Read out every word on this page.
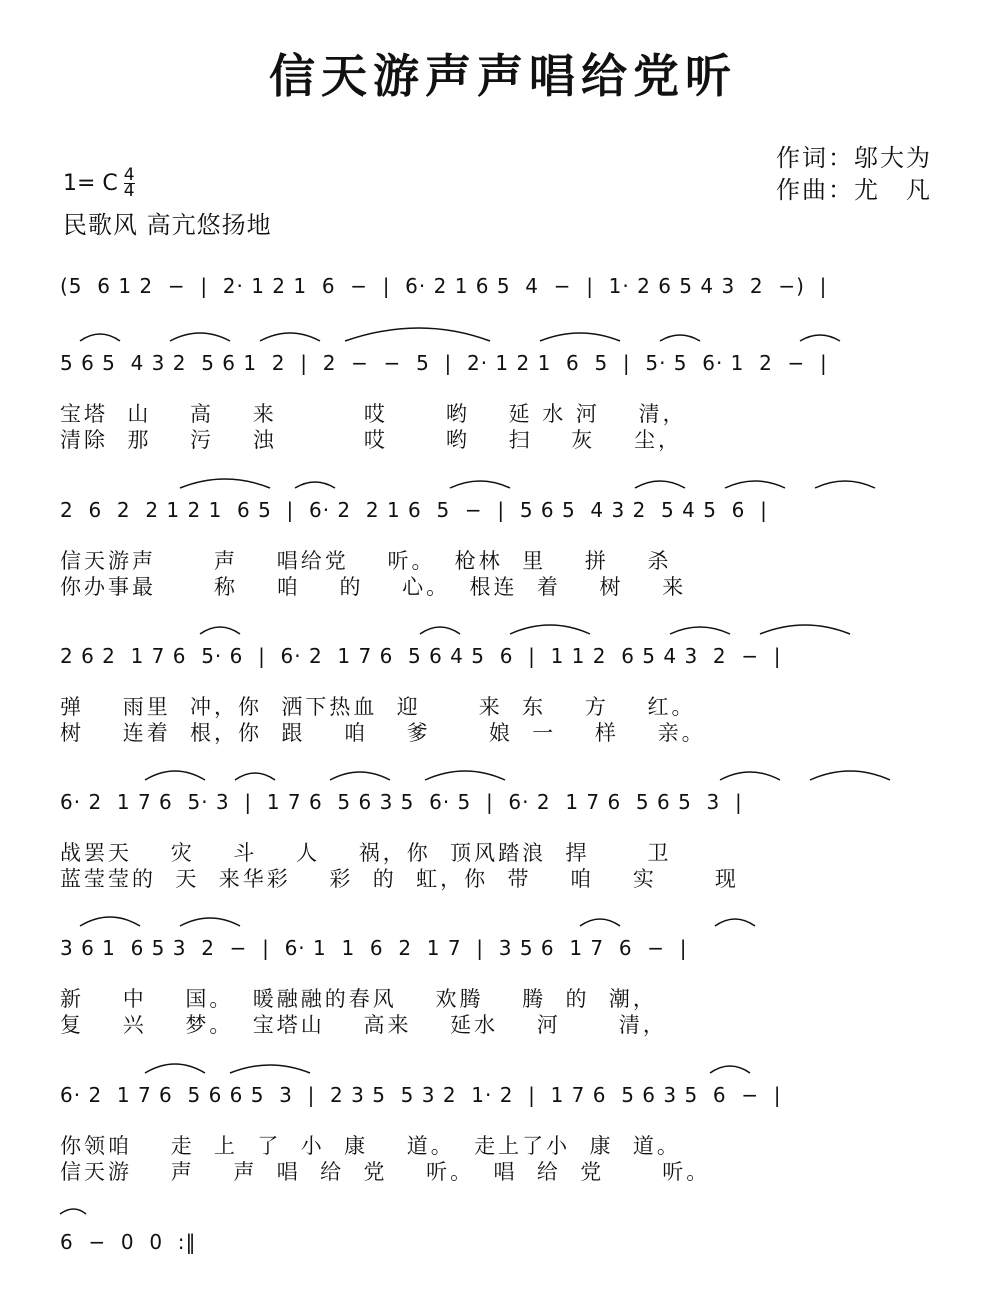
信天游声声唱给党听
作词：邬大为
作曲：尤　凡
1= C $\frac{4}{4}$
民歌风 高亢悠扬地
(5  6 1 2  −  |  2· 1 2 1  6  −  |  6· 2 1 6 5  4  −  |  1· 2 6 5 4 3  2  −)  |
5 6 5  4 3 2  5 6 1  2  |  2  −  −  5  |  2· 1 2 1  6  5  |  5· 5  6· 1  2  −  |
宝塔  山    高    来         哎      哟    延 水 河    清，
清除  那    污    浊         哎      哟    扫    灰    尘，
2  6  2  2 1 2 1  6 5  |  6· 2  2 1 6  5  −  |  5 6 5  4 3 2  5 4 5  6  |
信天游声      声    唱给党    听。  枪林  里    拼    杀
你办事最      称    咱    的    心。  根连  着    树    来
2 6 2  1 7 6  5· 6  |  6· 2  1 7 6  5 6 4 5  6  |  1 1 2  6 5 4 3  2  −  |
弹    雨里  冲，你  洒下热血  迎      来  东    方    红。
树    连着  根，你  跟    咱    爹      娘  一    样    亲。
6· 2  1 7 6  5· 3  |  1 7 6  5 6 3 5  6· 5  |  6· 2  1 7 6  5 6 5  3  |
战罢天    灾    斗    人    祸，你  顶风踏浪  捍      卫
蓝莹莹的  天  来华彩    彩  的  虹，你  带    咱    实      现
3 6 1  6 5 3  2  −  |  6· 1  1  6  2  1 7  |  3 5 6  1 7  6  −  |
新    中    国。  暖融融的春风    欢腾    腾  的  潮，
复    兴    梦。  宝塔山    高来    延水    河      清，
6· 2  1 7 6  5 6 6 5  3  |  2 3 5  5 3 2  1· 2  |  1 7 6  5 6 3 5  6  −  |
你领咱    走  上  了  小  康    道。  走上了小  康  道。
信天游    声    声  唱  给  党    听。  唱  给  党      听。
6  −  0  0  :‖
